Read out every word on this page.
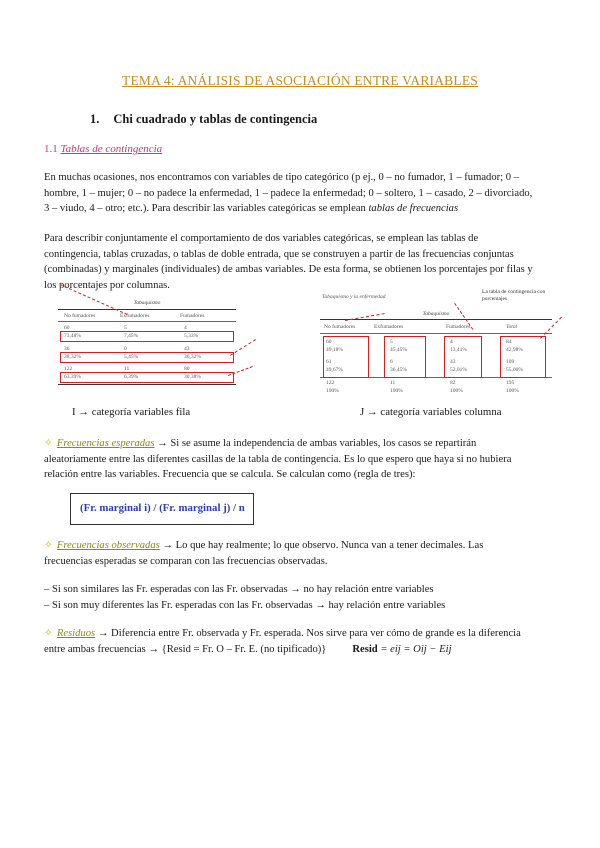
TEMA 4: ANÁLISIS DE ASOCIACIÓN ENTRE VARIABLES
1. Chi cuadrado y tablas de contingencia
1.1 Tablas de contingencia
En muchas ocasiones, nos encontramos con variables de tipo categórico (p ej., 0 – no fumador, 1 – fumador; 0 –
hombre, 1 – mujer; 0 – no padece la enfermedad, 1 – padece la enfermedad; 0 – soltero, 1 – casado, 2 – divorciado,
3 – viudo, 4 – otro; etc.). Para describir las variables categóricas se emplean tablas de frecuencias
Para describir conjuntamente el comportamiento de dos variables categóricas, se emplean las tablas de
contingencia, tablas cruzadas, o tablas de doble entrada, que se construyen a partir de las frecuencias conjuntas
(combinadas) y marginales (individuales) de ambas variables. De esta forma, se obtienen los porcentajes por filas y
los porcentajes por columnas.
Tabaquismo
No fumadores	Exfumadores	Fumadores
60	5	4
73,48%	7,45%	5,33%
36	0	43
38,32%	5,45%	36,32%
122	11	80
63,39%	6,39%	30,38%
Tabaquismo y la enfermedad
La tabla de contingencia con porcentajes
Tabaquismo
No fumadores	Exfumadores	Fumadores	Total
60	5	4	84
49,18%	45,45%	13,41%	42,98%
61	6	43	109
49,67%	36,45%	52,01%	55,00%
122	11	82	195
100%	100%	100%	100%
I → categoría variables fila	J → categoría variables columna
✧ Frecuencias esperadas → Si se asume la independencia de ambas variables, los casos se repartirán
aleatoriamente entre las diferentes casillas de la tabla de contingencia. Es lo que espero que haya si no hubiera
relación entre las variables. Frecuencia que se calcula. Se calculan como (regla de tres):
(Fr. marginal i) / (Fr. marginal j) / n
✧ Frecuencias observadas → Lo que hay realmente; lo que observo. Nunca van a tener decimales. Las
frecuencias esperadas se comparan con las frecuencias observadas.
– Si son similares las Fr. esperadas con las Fr. observadas → no hay relación entre variables
– Si son muy diferentes las Fr. esperadas con las Fr. observadas → hay relación entre variables
✧ Residuos → Diferencia entre Fr. observada y Fr. esperada. Nos sirve para ver cómo de grande es la diferencia
entre ambas frecuencias → {Resid = Fr. O – Fr. E. (no tipificado)} Resid = eij = Oij − Eij
